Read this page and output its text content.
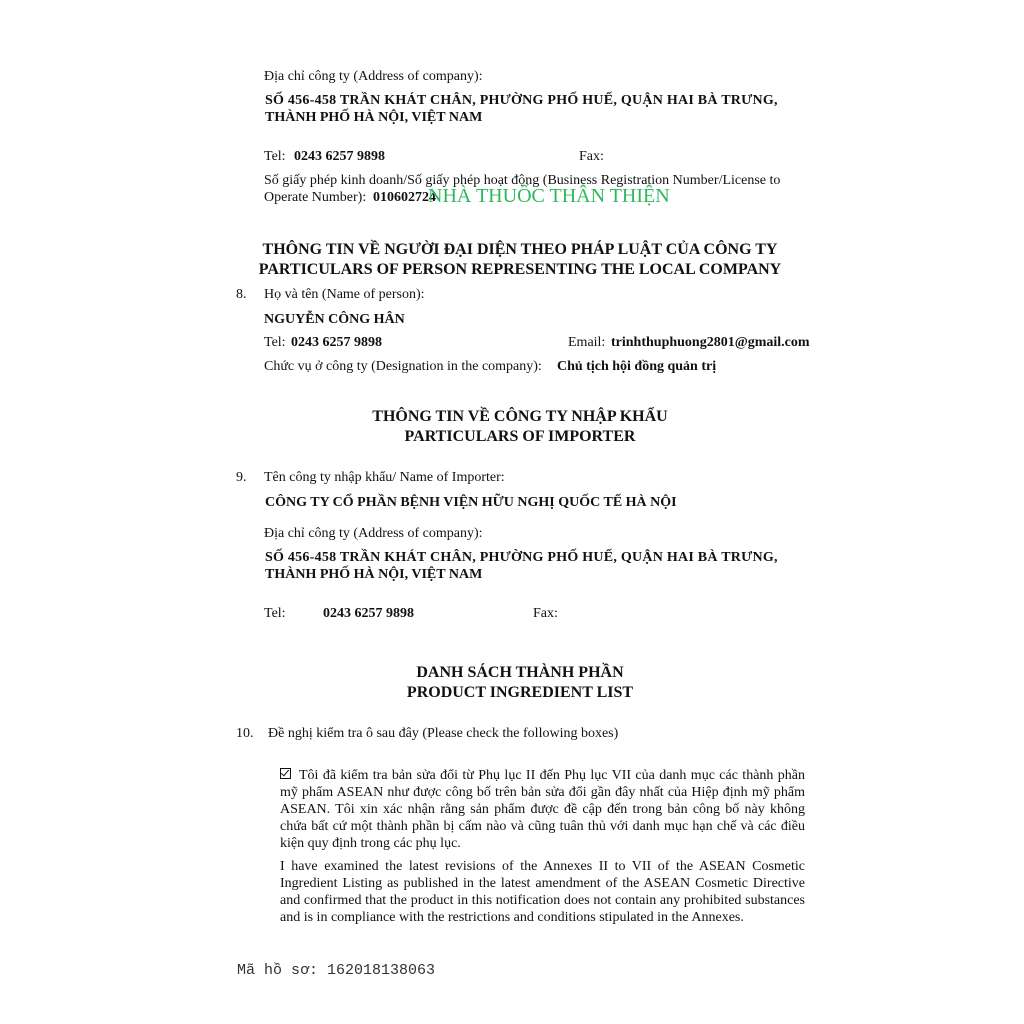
Địa chỉ công ty (Address of company):
SỐ 456-458 TRẦN KHÁT CHÂN, PHƯỜNG PHỐ HUẾ, QUẬN HAI BÀ TRƯNG,
THÀNH PHỐ HÀ NỘI, VIỆT NAM
Tel: 0243 6257 9898	Fax:
Số giấy phép kinh doanh/Số giấy phép hoạt động (Business Registration Number/License to
Operate Number): 010602724
NHÀ THUỐC THÂN THIỆN
THÔNG TIN VỀ NGƯỜI ĐẠI DIỆN THEO PHÁP LUẬT CỦA CÔNG TY
PARTICULARS OF PERSON REPRESENTING THE LOCAL COMPANY
8. Họ và tên (Name of person):
NGUYỄN CÔNG HÂN
Tel: 0243 6257 9898	Email: trinhthuphuong2801@gmail.com
Chức vụ ở công ty (Designation in the company): Chủ tịch hội đồng quản trị
THÔNG TIN VỀ CÔNG TY NHẬP KHẨU
PARTICULARS OF IMPORTER
9. Tên công ty nhập khẩu/ Name of Importer:
CÔNG TY CỔ PHẦN BỆNH VIỆN HỮU NGHỊ QUỐC TẾ HÀ NỘI
Địa chỉ công ty (Address of company):
SỐ 456-458 TRẦN KHÁT CHÂN, PHƯỜNG PHỐ HUẾ, QUẬN HAI BÀ TRƯNG,
THÀNH PHỐ HÀ NỘI, VIỆT NAM
Tel:	0243 6257 9898	Fax:
DANH SÁCH THÀNH PHẦN
PRODUCT INGREDIENT LIST
10. Đề nghị kiểm tra ô sau đây (Please check the following boxes)
Tôi đã kiểm tra bản sửa đổi từ Phụ lục II đến Phụ lục VII của danh mục các thành phần mỹ phẩm ASEAN như được công bố trên bản sửa đổi gần đây nhất của Hiệp định mỹ phẩm ASEAN. Tôi xin xác nhận rằng sản phẩm được đề cập đến trong bản công bố này không chứa bất cứ một thành phần bị cấm nào và cũng tuân thủ với danh mục hạn chế và các điều kiện quy định trong các phụ lục.
I have examined the latest revisions of the Annexes II to VII of the ASEAN Cosmetic Ingredient Listing as published in the latest amendment of the ASEAN Cosmetic Directive and confirmed that the product in this notification does not contain any prohibited substances and is in compliance with the restrictions and conditions stipulated in the Annexes.
Mã hồ sơ: 162018138063
